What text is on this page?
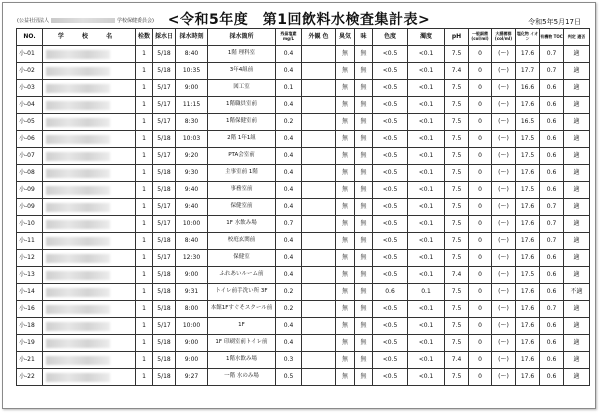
(公益社団法人	学校保健委員会) <令和5年度　第1回飲料水検査集計表>	令和5年5月17日
NO.	学 校 名	栓数	採水日	採水時刻	採水箇所	残留塩素 mg/L	外観 色	臭気	味	色度	濁度	pH	一般細菌 (col/ml)	大腸菌群 (col/ml)	塩化物 イオン	有機物 TOC	判定 適否
小-01		1	5/18	8:40	1階 理科室	0.4		無	無	<0.5	<0.1	7.5	0	(ー)	17.6	0.7	適
小-02		1	5/18	10:35	3年4組前	0.4		無	無	<0.5	<0.1	7.4	0	(ー)	17.7	0.7	適
小-03		1	5/17	9:00	図工室	0.1		無	無	<0.5	<0.1	7.5	0	(ー)	16.6	0.6	適
小-04		1	5/17	11:15	1階職員室前	0.4		無	無	<0.5	<0.1	7.5	0	(ー)	17.6	0.6	適
小-05		1	5/17	8:30	1階保健室前	0.2		無	無	<0.5	<0.1	7.5	0	(ー)	16.5	0.6	適
小-06		1	5/18	10:03	2階 1年1組	0.4		無	無	<0.5	<0.1	7.5	0	(ー)	17.5	0.6	適
小-07		1	5/17	9:20	PTA会室前	0.4		無	無	<0.5	<0.1	7.5	0	(ー)	17.5	0.6	適
小-08		1	5/18	9:30	主事室前 1階	0.4		無	無	<0.5	<0.1	7.5	0	(ー)	17.6	0.6	適
小-09		1	5/18	9:40	事務室前	0.4		無	無	<0.5	<0.1	7.5	0	(ー)	17.5	0.6	適
小-09		1	5/17	9:40	保健室前	0.4		無	無	<0.5	<0.1	7.5	0	(ー)	17.6	0.7	適
小-10		1	5/17	10:00	1F 水飲み場	0.7		無	無	<0.5	<0.1	7.5	0	(ー)	17.6	0.7	適
小-11		1	5/18	8:40	校庭玄関前	0.4		無	無	<0.5	<0.1	7.5	0	(ー)	17.6	0.7	適
小-12		1	5/17	12:30	保健室	0.4		無	無	<0.5	<0.1	7.5	0	(ー)	17.6	0.6	適
小-13		1	5/18	9:00	ふれあいルーム前	0.4		無	無	<0.5	<0.1	7.4	0	(ー)	17.5	0.6	適
小-14		1	5/18	9:31	トイレ前手洗い所 3F	0.2		無	無	0.6	0.1	7.5	0	(ー)	17.6	0.6	不適
小-16		1	5/18	8:00	本館1Fすぐそスクール前	0.2		無	無	<0.5	<0.1	7.5	0	(ー)	17.6	0.7	適
小-18		1	5/17	10:00	1F	0.4		無	無	<0.5	<0.1	7.5	0	(ー)	17.6	0.6	適
小-19		1	5/18	9:00	1F 印刷室前トイレ前	0.4		無	無	<0.5	<0.1	7.5	0	(ー)	17.6	0.6	適
小-21		1	5/18	9:00	1階水飲み場	0.3		無	無	<0.5	<0.1	7.4	0	(ー)	17.6	0.6	適
小-22		1	5/18	9:27	一階 水のみ場	0.5		無	無	<0.5	<0.1	7.5	0	(ー)	17.6	0.6	適
